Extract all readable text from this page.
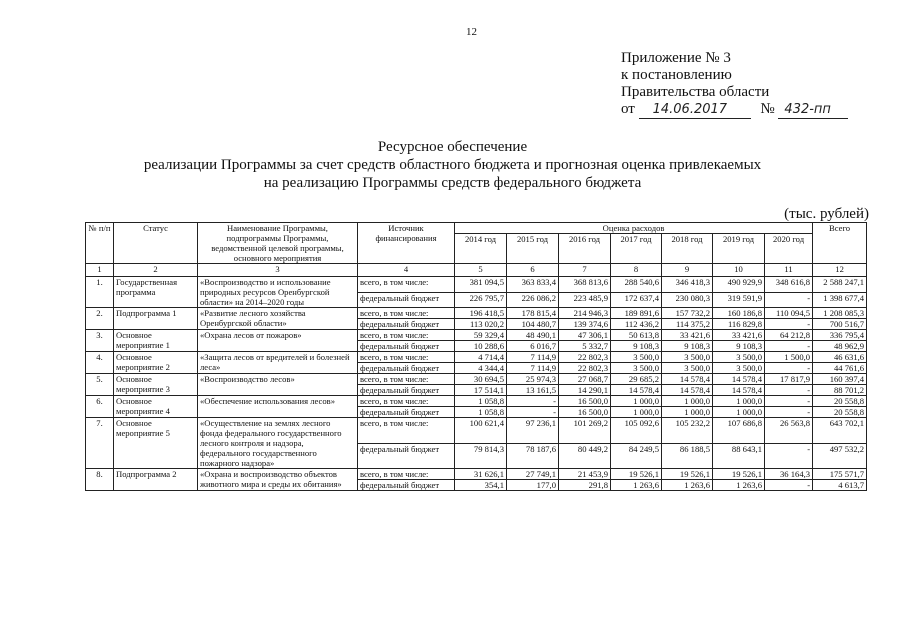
12
Приложение № 3
к постановлению
Правительства области
от 14.06.2017 № 432-пп
Ресурсное обеспечение
реализации Программы за счет средств областного бюджета и прогнозная оценка привлекаемых
на реализацию Программы средств федерального бюджета
(тыс. рублей)
№ п/п	Статус	Наименование Программы, подпрограммы Программы, ведомственной целевой программы, основного мероприятия	Источник финансирования	Оценка расходов							Всего
				2014 год	2015 год	2016 год	2017 год	2018 год	2019 год	2020 год	
1	2	3	4	5	6	7	8	9	10	11	12
1.	Государственная программа	«Воспроизводство и использование природных ресурсов Оренбургской области» на 2014–2020 годы	всего, в том числе:	381 094,5	363 833,4	368 813,6	288 540,6	346 418,3	490 929,9	348 616,8	2 588 247,1
			федеральный бюджет	226 795,7	226 086,2	223 485,9	172 637,4	230 080,3	319 591,9	-	1 398 677,4
2.	Подпрограмма 1	«Развитие лесного хозяйства Оренбургской области»	всего, в том числе:	196 418,5	178 815,4	214 946,3	189 891,6	157 732,2	160 186,8	110 094,5	1 208 085,3
			федеральный бюджет	113 020,2	104 480,7	139 374,6	112 436,2	114 375,2	116 829,8	-	700 516,7
3.	Основное мероприятие 1	«Охрана лесов от пожаров»	всего, в том числе:	59 329,4	48 490,1	47 306,1	50 613,8	33 421,6	33 421,6	64 212,8	336 795,4
			федеральный бюджет	10 288,6	6 016,7	5 332,7	9 108,3	9 108,3	9 108,3	-	48 962,9
4.	Основное мероприятие 2	«Защита лесов от вредителей и болезней леса»	всего, в том числе:	4 714,4	7 114,9	22 802,3	3 500,0	3 500,0	3 500,0	1 500,0	46 631,6
			федеральный бюджет	4 344,4	7 114,9	22 802,3	3 500,0	3 500,0	3 500,0	-	44 761,6
5.	Основное мероприятие 3	«Воспроизводство лесов»	всего, в том числе:	30 694,5	25 974,3	27 068,7	29 685,2	14 578,4	14 578,4	17 817,9	160 397,4
			федеральный бюджет	17 514,1	13 161,5	14 290,1	14 578,4	14 578,4	14 578,4	-	88 701,2
6.	Основное мероприятие 4	«Обеспечение использования лесов»	всего, в том числе:	1 058,8	-	16 500,0	1 000,0	1 000,0	1 000,0	-	20 558,8
			федеральный бюджет	1 058,8	-	16 500,0	1 000,0	1 000,0	1 000,0	-	20 558,8
7.	Основное мероприятие 5	«Осуществление на землях лесного фонда федерального государственного лесного контроля и надзора, федерального государственного пожарного надзора»	всего, в том числе:	100 621,4	97 236,1	101 269,2	105 092,6	105 232,2	107 686,8	26 563,8	643 702,1
			федеральный бюджет	79 814,3	78 187,6	80 449,2	84 249,5	86 188,5	88 643,1	-	497 532,2
8.	Подпрограмма 2	«Охрана и воспроизводство объектов животного мира и среды их обитания»	всего, в том числе:	31 626,1	27 749,1	21 453,9	19 526,1	19 526,1	19 526,1	36 164,3	175 571,7
			федеральный бюджет	354,1	177,0	291,8	1 263,6	1 263,6	1 263,6	-	4 613,7
